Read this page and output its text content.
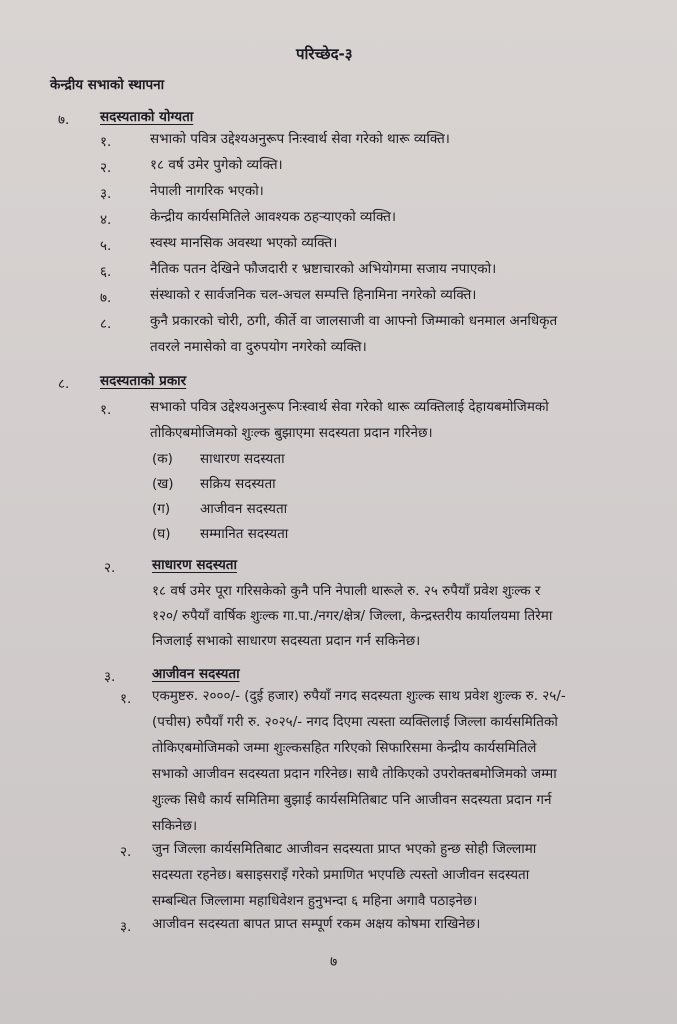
परिच्छेद-३
केन्द्रीय सभाको स्थापना
७. सदस्यताको योग्यता
१.	सभाको पवित्र उद्देश्यअनुरूप निःस्वार्थ सेवा गरेको थारू व्यक्ति।
२.	१८ वर्ष उमेर पुगेको व्यक्ति।
३.	नेपाली नागरिक भएको।
४.	केन्द्रीय कार्यसमितिले आवश्यक ठहऱ्याएको व्यक्ति।
५.	स्वस्थ मानसिक अवस्था भएको व्यक्ति।
६.	नैतिक पतन देखिने फौजदारी र भ्रष्टाचारको अभियोगमा सजाय नपाएको।
७.	संस्थाको र सार्वजनिक चल-अचल सम्पत्ति हिनामिना नगरेको व्यक्ति।
८.	कुनै प्रकारको चोरी, ठगी, कीर्ते वा जालसाजी वा आफ्नो जिम्माको धनमाल अनधिकृत
तवरले नमासेको वा दुरुपयोग नगरेको व्यक्ति।
८. सदस्यताको प्रकार
१.	सभाको पवित्र उद्देश्यअनुरूप निःस्वार्थ सेवा गरेको थारू व्यक्तिलाई देहायबमोजिमको
तोकिएबमोजिमको शुःल्क बुझाएमा सदस्यता प्रदान गरिनेछ।
(क) साधारण सदस्यता
(ख) सक्रिय सदस्यता
(ग) आजीवन सदस्यता
(घ) सम्मानित सदस्यता
२.	साधारण सदस्यता
१८ वर्ष उमेर पूरा गरिसकेको कुनै पनि नेपाली थारूले रु. २५ रुपैयाँ प्रवेश शुःल्क र
१२०/ रुपैयाँ वार्षिक शुःल्क गा.पा./नगर/क्षेत्र/ जिल्ला, केन्द्रस्तरीय कार्यालयमा तिरेमा
निजलाई सभाको साधारण सदस्यता प्रदान गर्न सकिनेछ।
३.	आजीवन सदस्यता
१. एकमुष्टरु. २०००/- (दुई हजार) रुपैयाँ नगद सदस्यता शुःल्क साथ प्रवेश शुःल्क रु. २५/-
(पचीस) रुपैयाँ गरी रु. २०२५/- नगद दिएमा त्यस्ता व्यक्तिलाई जिल्ला कार्यसमितिको
तोकिएबमोजिमको जम्मा शुःल्कसहित गरिएको सिफारिसमा केन्द्रीय कार्यसमितिले
सभाको आजीवन सदस्यता प्रदान गरिनेछ। साथै तोकिएको उपरोक्तबमोजिमको जम्मा
शुःल्क सिधै कार्य समितिमा बुझाई कार्यसमितिबाट पनि आजीवन सदस्यता प्रदान गर्न
सकिनेछ।
२. जुन जिल्ला कार्यसमितिबाट आजीवन सदस्यता प्राप्त भएको हुन्छ सोही जिल्लामा
सदस्यता रहनेछ। बसाइसराइँ गरेको प्रमाणित भएपछि त्यस्तो आजीवन सदस्यता
सम्बन्धित जिल्लामा महाधिवेशन हुनुभन्दा ६ महिना अगावै पठाइनेछ।
३. आजीवन सदस्यता बापत प्राप्त सम्पूर्ण रकम अक्षय कोषमा राखिनेछ।
७
